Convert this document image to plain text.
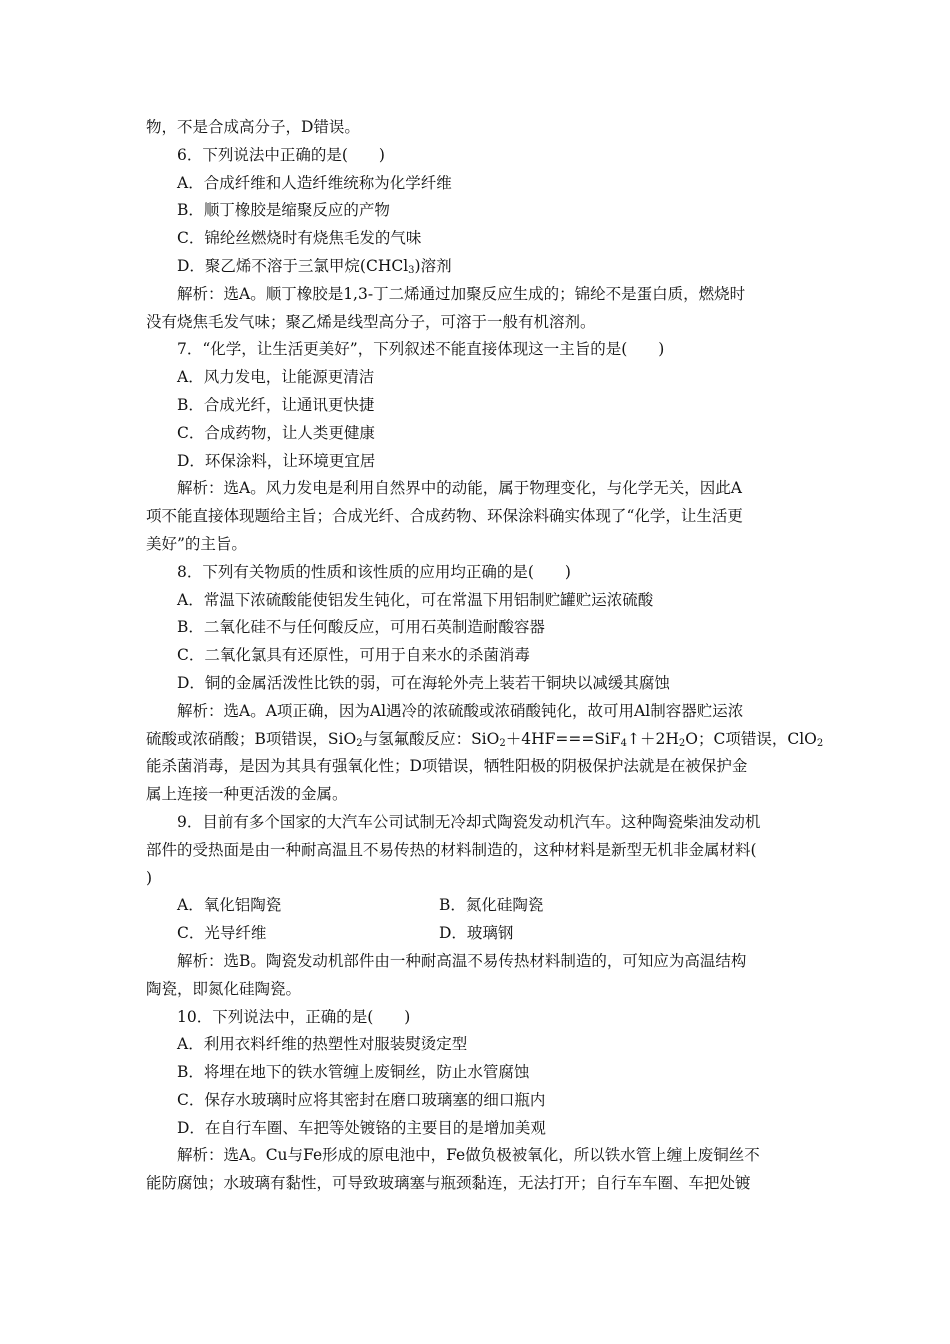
物，不是合成高分子，D错误。
6．下列说法中正确的是(　　)
A．合成纤维和人造纤维统称为化学纤维
B．顺丁橡胶是缩聚反应的产物
C．锦纶丝燃烧时有烧焦毛发的气味
D．聚乙烯不溶于三氯甲烷(CHCl$_3$)溶剂
解析：选A。顺丁橡胶是1,3-丁二烯通过加聚反应生成的；锦纶不是蛋白质，燃烧时
没有烧焦毛发气味；聚乙烯是线型高分子，可溶于一般有机溶剂。
7．“化学，让生活更美好”，下列叙述不能直接体现这一主旨的是(　　)
A．风力发电，让能源更清洁
B．合成光纤，让通讯更快捷
C．合成药物，让人类更健康
D．环保涂料，让环境更宜居
解析：选A。风力发电是利用自然界中的动能，属于物理变化，与化学无关，因此A
项不能直接体现题给主旨；合成光纤、合成药物、环保涂料确实体现了“化学，让生活更
美好”的主旨。
8．下列有关物质的性质和该性质的应用均正确的是(　　)
A．常温下浓硫酸能使铝发生钝化，可在常温下用铝制贮罐贮运浓硫酸
B．二氧化硅不与任何酸反应，可用石英制造耐酸容器
C．二氧化氯具有还原性，可用于自来水的杀菌消毒
D．铜的金属活泼性比铁的弱，可在海轮外壳上装若干铜块以减缓其腐蚀
解析：选A。A项正确，因为Al遇冷的浓硫酸或浓硝酸钝化，故可用Al制容器贮运浓
硫酸或浓硝酸；B项错误，SiO$_2$与氢氟酸反应：$SiO_2+4HF===SiF_4↑+2H_2O$；C项错误，ClO$_2$
能杀菌消毒，是因为其具有强氧化性；D项错误，牺牲阳极的阴极保护法就是在被保护金
属上连接一种更活泼的金属。
9．目前有多个国家的大汽车公司试制无冷却式陶瓷发动机汽车。这种陶瓷柴油发动机
部件的受热面是由一种耐高温且不易传热的材料制造的，这种材料是新型无机非金属材料(
)
A．氧化铝陶瓷	B．氮化硅陶瓷
C．光导纤维	D．玻璃钢
解析：选B。陶瓷发动机部件由一种耐高温不易传热材料制造的，可知应为高温结构
陶瓷，即氮化硅陶瓷。
10．下列说法中，正确的是(　　)
A．利用衣料纤维的热塑性对服装熨烫定型
B．将埋在地下的铁水管缠上废铜丝，防止水管腐蚀
C．保存水玻璃时应将其密封在磨口玻璃塞的细口瓶内
D．在自行车圈、车把等处镀铬的主要目的是增加美观
解析：选A。Cu与Fe形成的原电池中，Fe做负极被氧化，所以铁水管上缠上废铜丝不
能防腐蚀；水玻璃有黏性，可导致玻璃塞与瓶颈黏连，无法打开；自行车车圈、车把处镀
